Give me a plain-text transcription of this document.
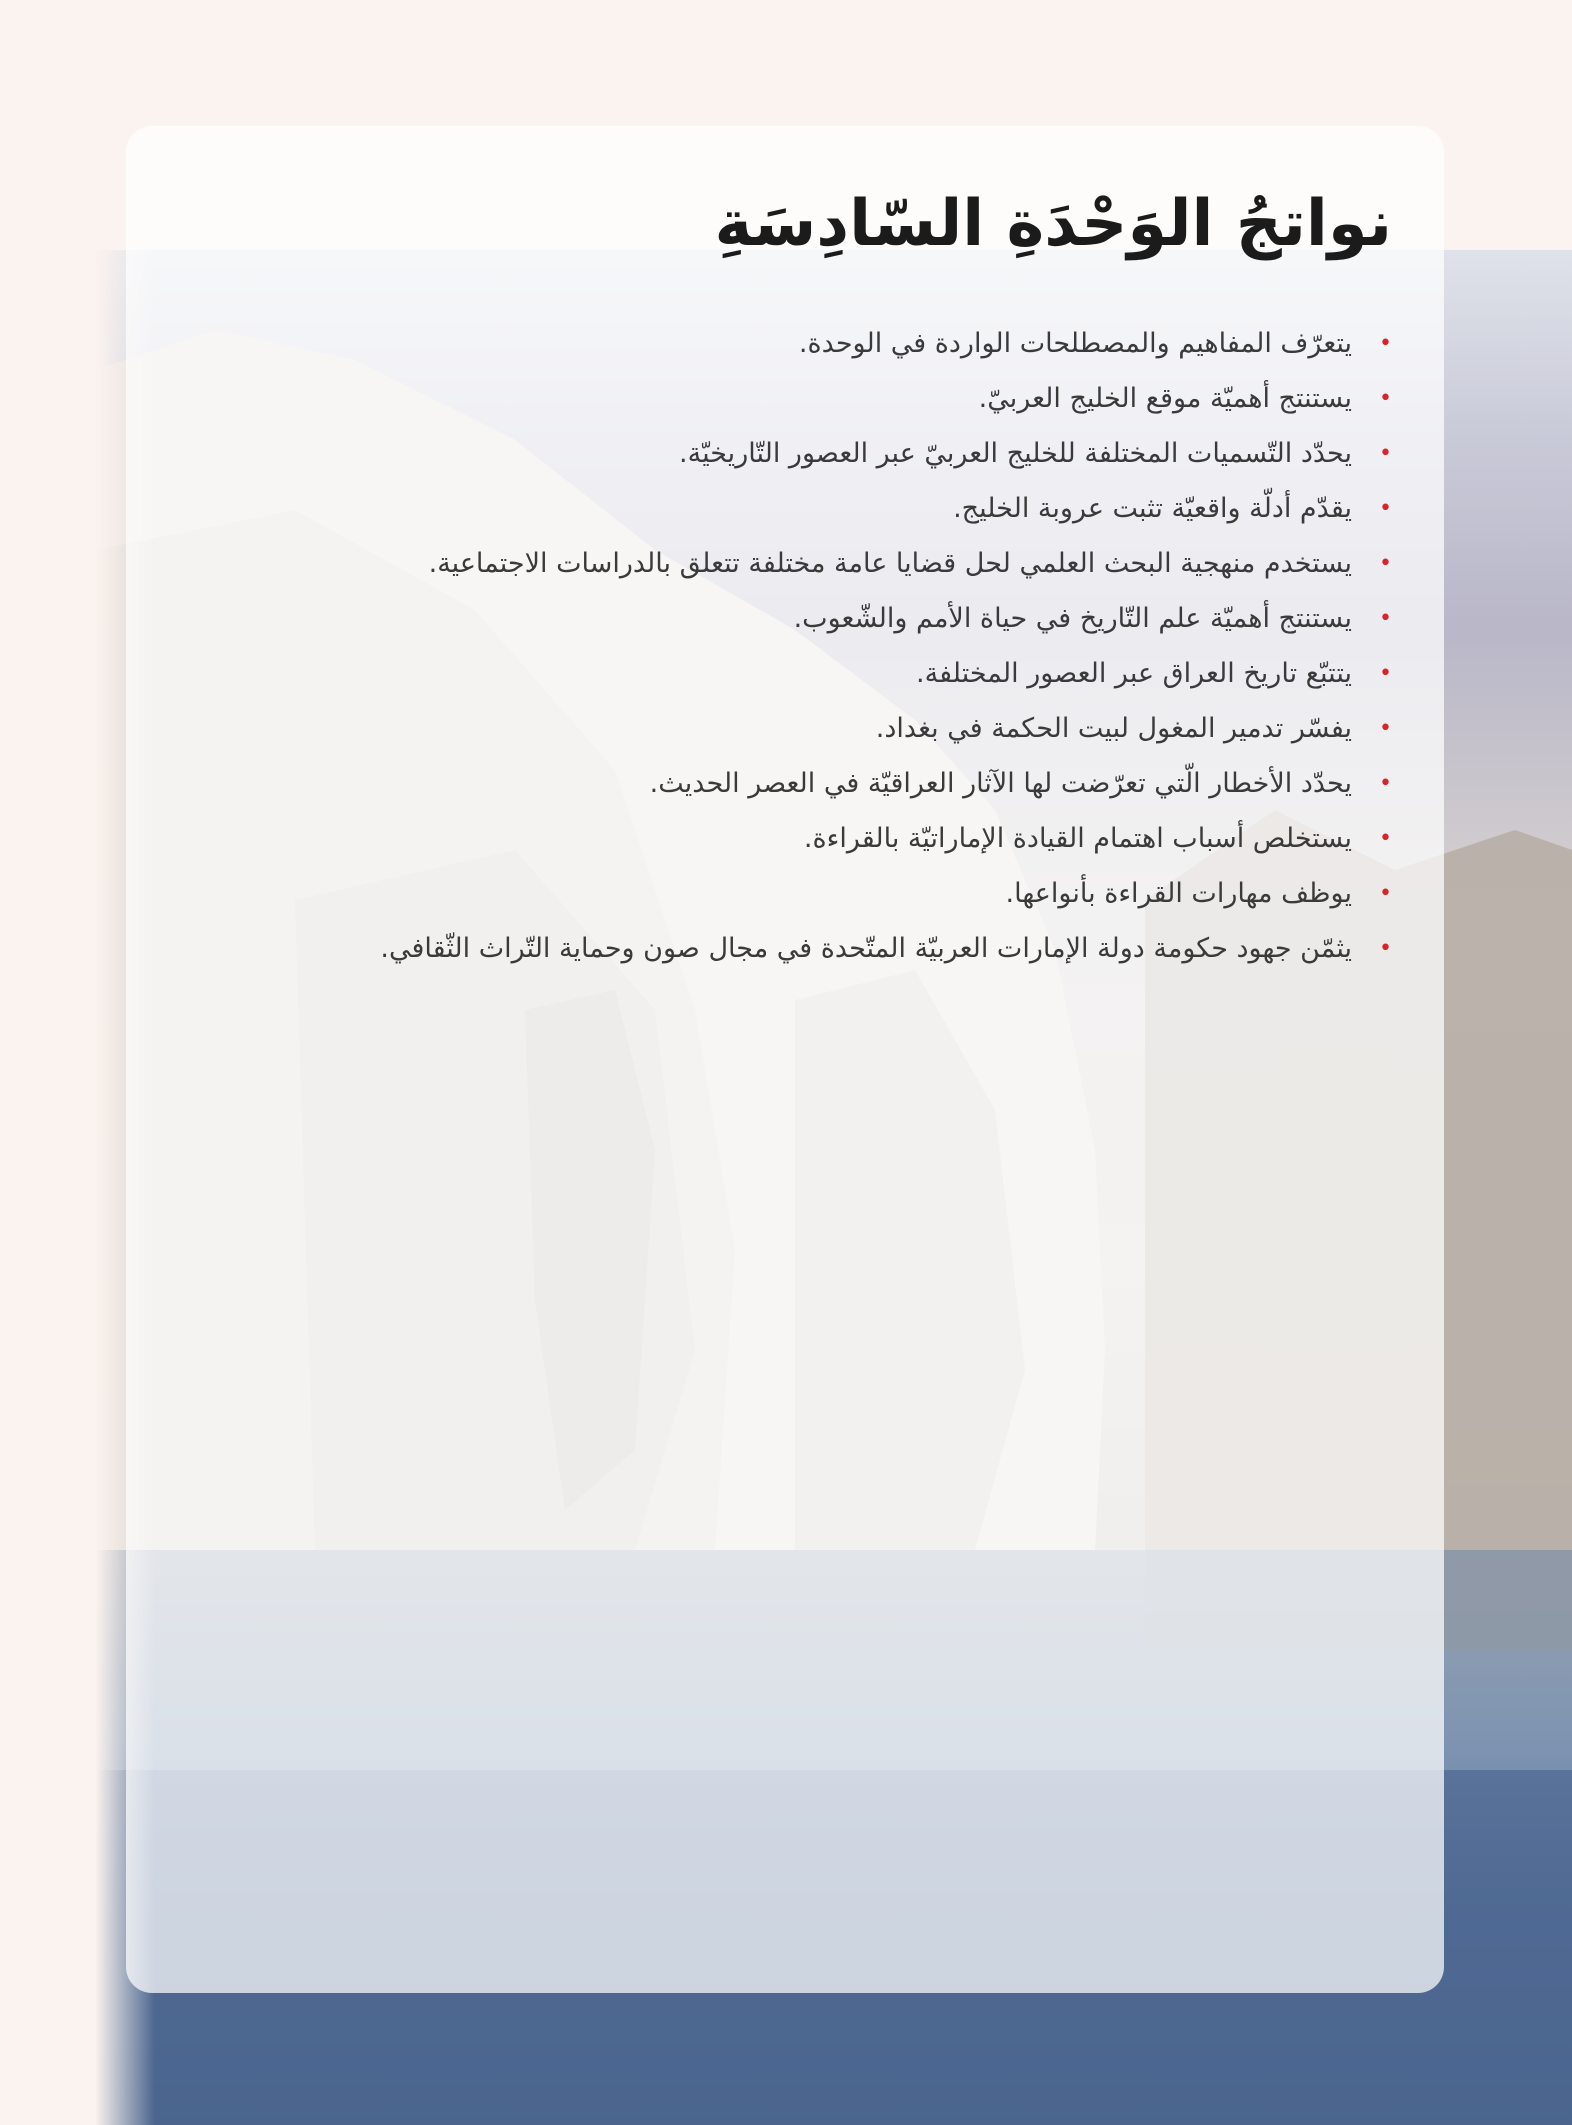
نواتجُ الوَحْدَةِ السّادِسَةِ
•
يتعرّف المفاهيم والمصطلحات الواردة في الوحدة.
•
يستنتج أهميّة موقع الخليج العربيّ.
•
يحدّد التّسميات المختلفة للخليج العربيّ عبر العصور التّاريخيّة.
•
يقدّم أدلّة واقعيّة تثبت عروبة الخليج.
•
يستخدم منهجية البحث العلمي لحل قضايا عامة مختلفة تتعلق بالدراسات الاجتماعية.
•
يستنتج أهميّة علم التّاريخ في حياة الأمم والشّعوب.
•
يتتبّع تاريخ العراق عبر العصور المختلفة.
•
يفسّر تدمير المغول لبيت الحكمة في بغداد.
•
يحدّد الأخطار الّتي تعرّضت لها الآثار العراقيّة في العصر الحديث.
•
يستخلص أسباب اهتمام القيادة الإماراتيّة بالقراءة.
•
يوظف مهارات القراءة بأنواعها.
•
يثمّن جهود حكومة دولة الإمارات العربيّة المتّحدة في مجال صون وحماية التّراث الثّقافي.
